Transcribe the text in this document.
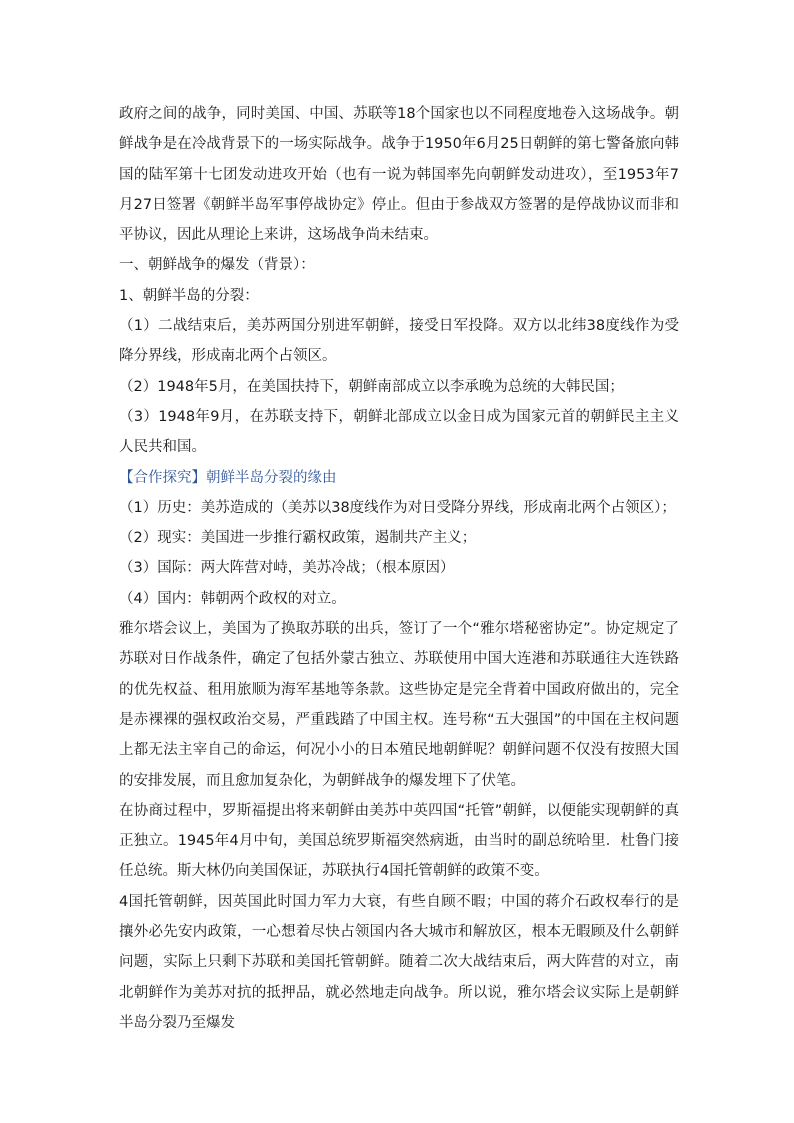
政府之间的战争，同时美国、中国、苏联等18个国家也以不同程度地卷入这场战争。朝鲜战争是在冷战背景下的一场实际战争。战争于1950年6月25日朝鲜的第七警备旅向韩国的陆军第十七团发动进攻开始（也有一说为韩国率先向朝鲜发动进攻），至1953年7月27日签署《朝鲜半岛军事停战协定》停止。但由于参战双方签署的是停战协议而非和平协议，因此从理论上来讲，这场战争尚未结束。

一、朝鲜战争的爆发（背景）：

1、朝鲜半岛的分裂：

（1）二战结束后，美苏两国分别进军朝鲜，接受日军投降。双方以北纬38度线作为受降分界线，形成南北两个占领区。

（2）1948年5月，在美国扶持下，朝鲜南部成立以李承晚为总统的大韩民国；

（3）1948年9月，在苏联支持下，朝鲜北部成立以金日成为国家元首的朝鲜民主主义人民共和国。

【合作探究】朝鲜半岛分裂的缘由

（1）历史：美苏造成的（美苏以38度线作为对日受降分界线，形成南北两个占领区）；

（2）现实：美国进一步推行霸权政策，遏制共产主义；

（3）国际：两大阵营对峙，美苏冷战；（根本原因）

（4）国内：韩朝两个政权的对立。

雅尔塔会议上，美国为了换取苏联的出兵，签订了一个“雅尔塔秘密协定”。协定规定了苏联对日作战条件，确定了包括外蒙古独立、苏联使用中国大连港和苏联通往大连铁路的优先权益、租用旅顺为海军基地等条款。这些协定是完全背着中国政府做出的，完全是赤裸裸的强权政治交易，严重践踏了中国主权。连号称“五大强国”的中国在主权问题上都无法主宰自己的命运，何况小小的日本殖民地朝鲜呢？朝鲜问题不仅没有按照大国的安排发展，而且愈加复杂化，为朝鲜战争的爆发埋下了伏笔。

在协商过程中，罗斯福提出将来朝鲜由美苏中英四国“托管”朝鲜，以便能实现朝鲜的真正独立。1945年4月中旬，美国总统罗斯福突然病逝，由当时的副总统哈里．杜鲁门接任总统。斯大林仍向美国保证，苏联执行4国托管朝鲜的政策不变。

4国托管朝鲜，因英国此时国力军力大衰，有些自顾不暇；中国的蒋介石政权奉行的是攘外必先安内政策，一心想着尽快占领国内各大城市和解放区，根本无暇顾及什么朝鲜问题，实际上只剩下苏联和美国托管朝鲜。随着二次大战结束后，两大阵营的对立，南北朝鲜作为美苏对抗的抵押品，就必然地走向战争。所以说，雅尔塔会议实际上是朝鲜半岛分裂乃至爆发
